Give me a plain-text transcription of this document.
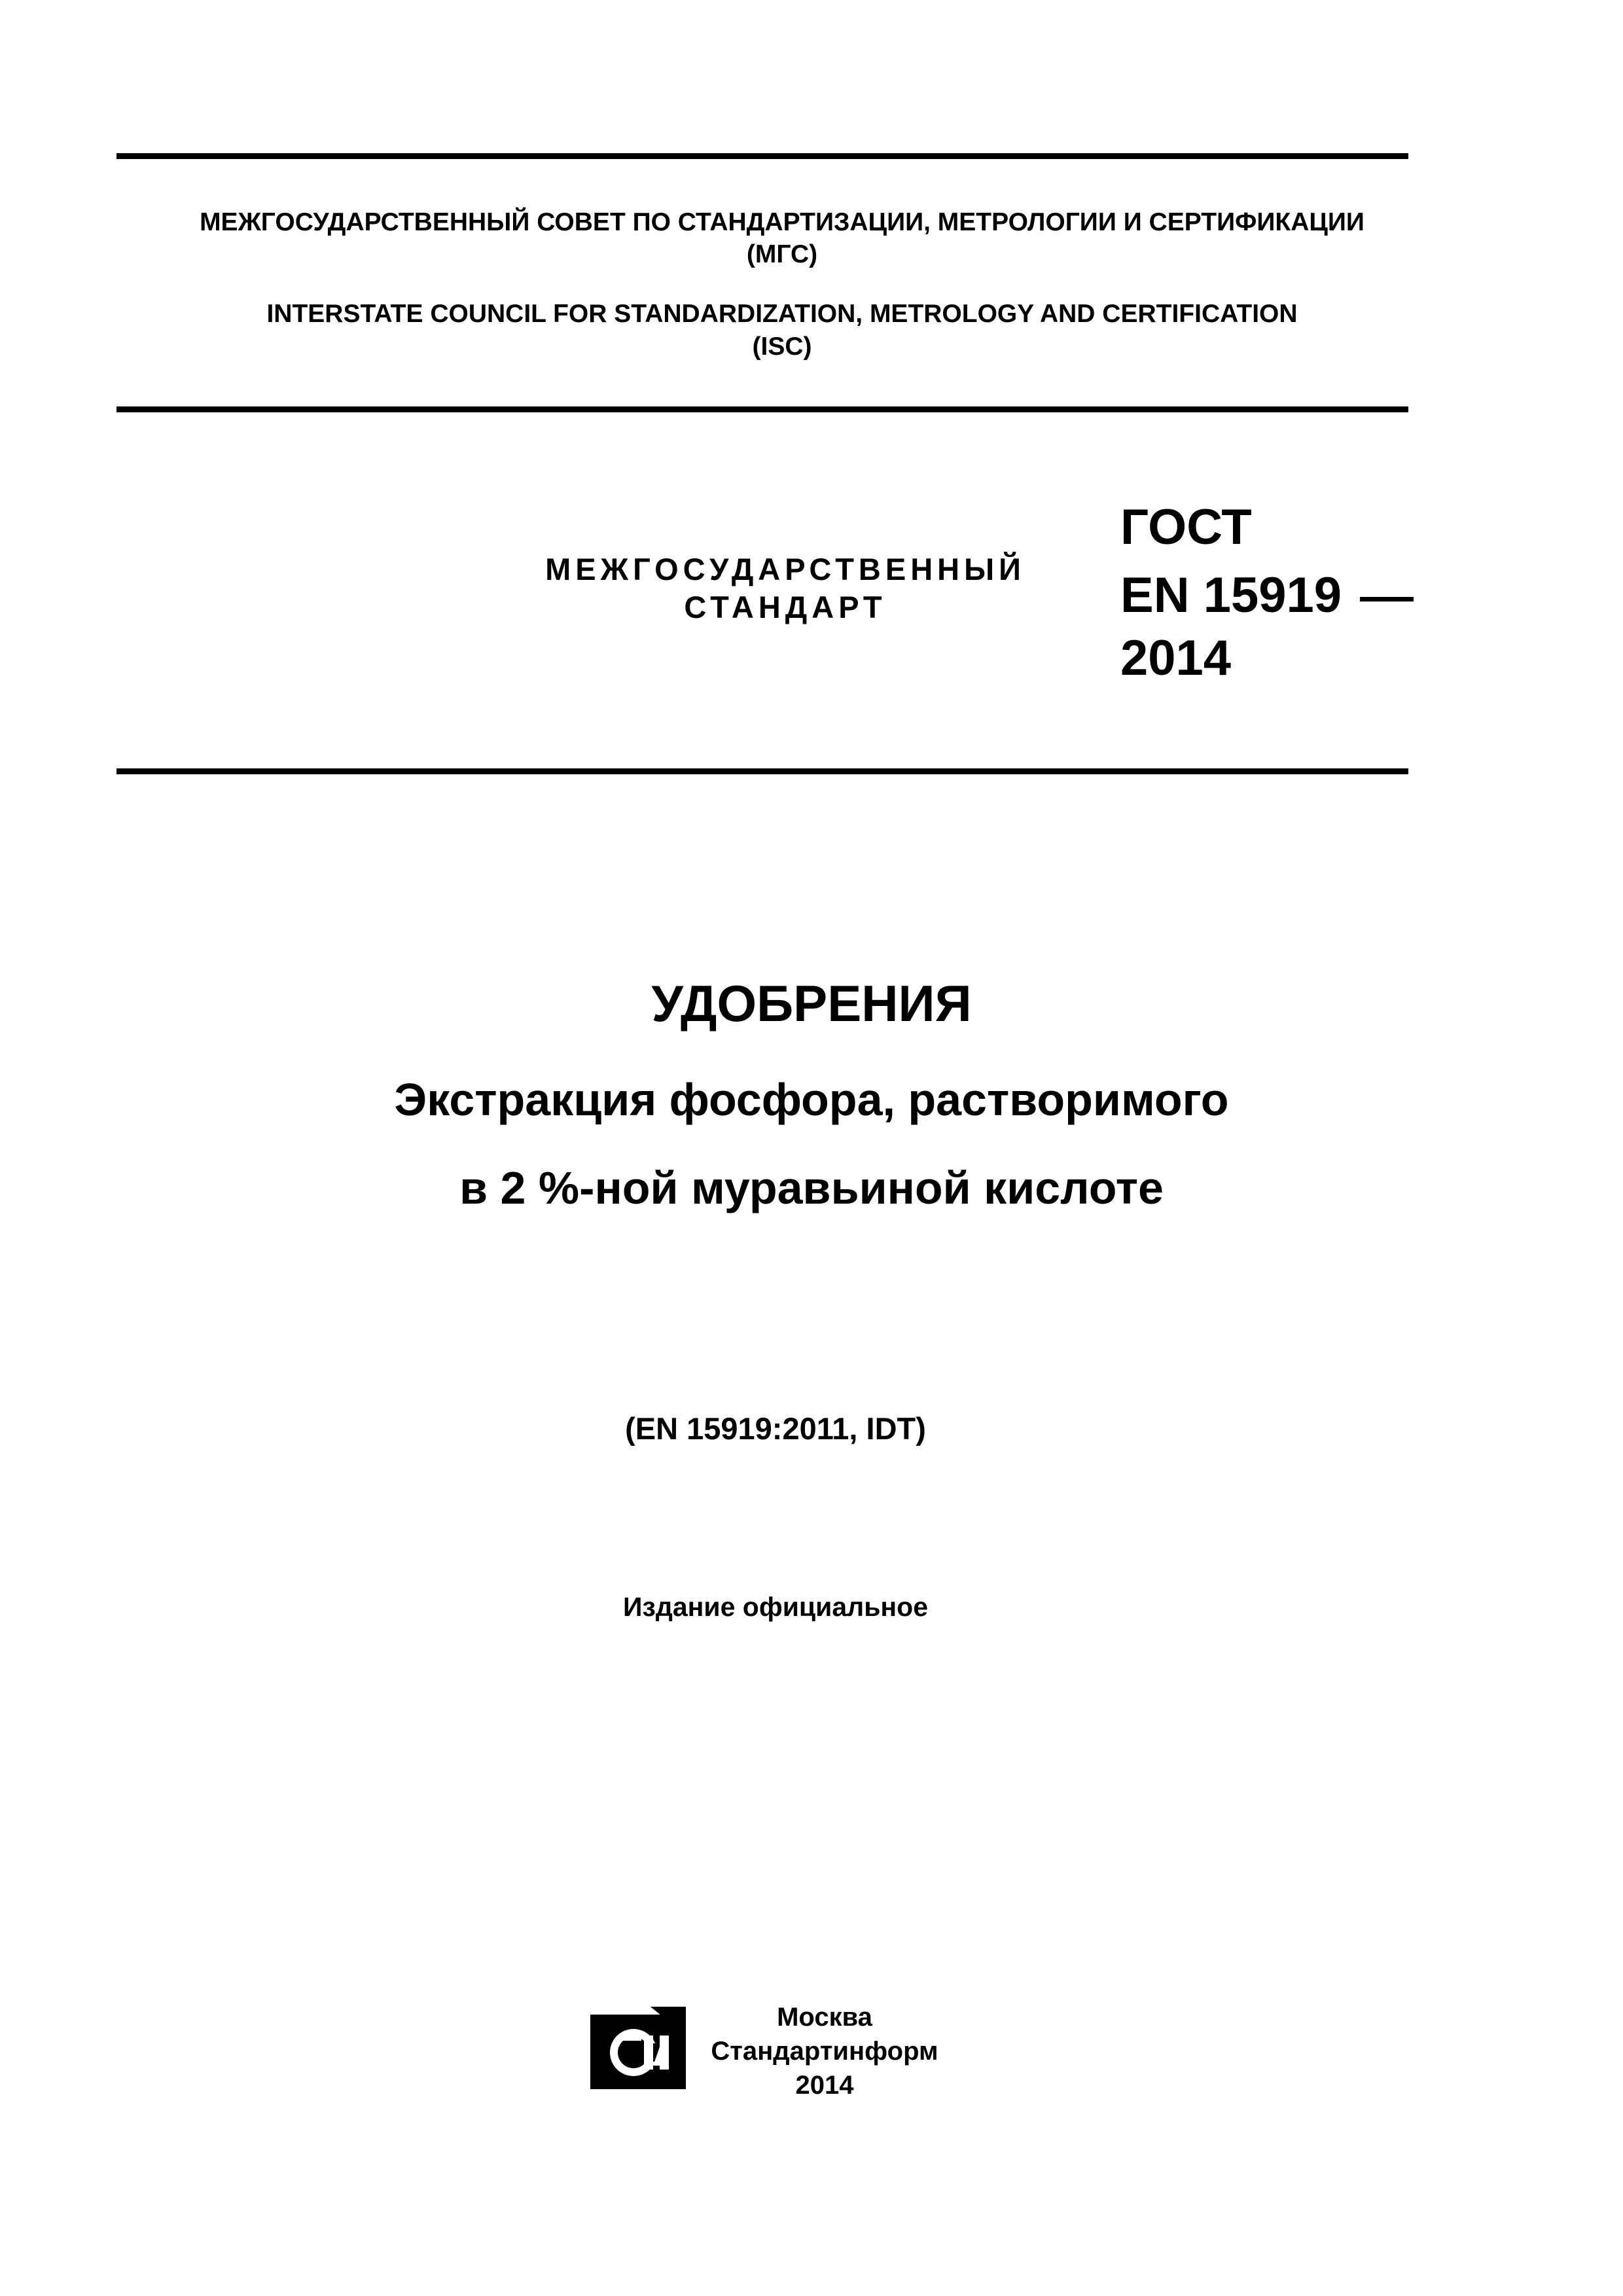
МЕЖГОСУДАРСТВЕННЫЙ СОВЕТ ПО СТАНДАРТИЗАЦИИ, МЕТРОЛОГИИ И СЕРТИФИКАЦИИ
(МГС)
INTERSTATE COUNCIL FOR STANDARDIZATION, METROLOGY AND CERTIFICATION
(ISC)
МЕЖГОСУДАРСТВЕННЫЙ
СТАНДАРТ
ГОСТ
EN 15919
2014
УДОБРЕНИЯ
Экстракция фосфора, растворимого
в 2 %-ной муравьиной кислоте
(EN 15919:2011, IDT)
Издание официальное
Москва
Стандартинформ
2014
